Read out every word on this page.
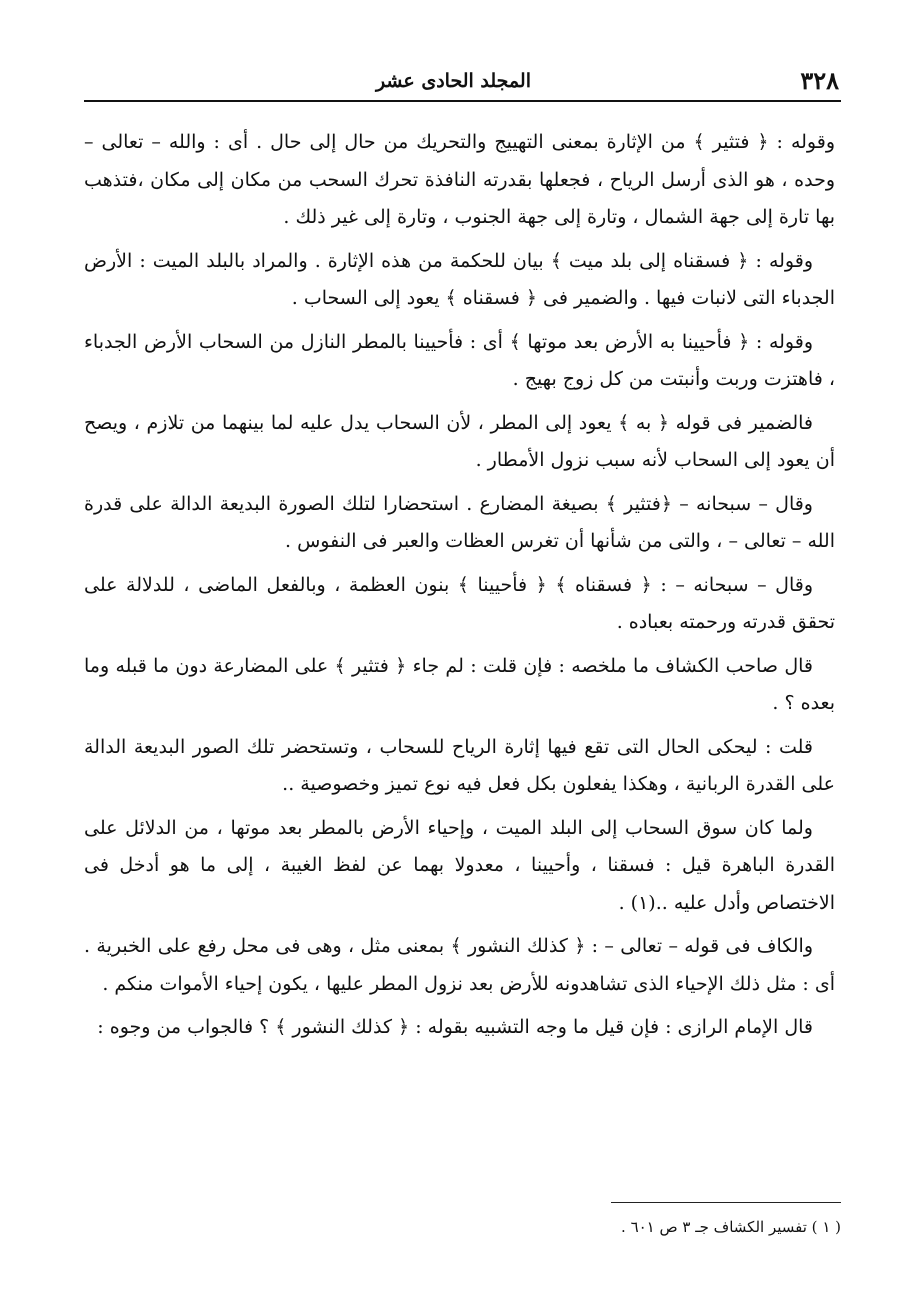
٣٢٨
المجلد الحادى عشر

وقوله : ﴿ فتثير ﴾ من الإثارة بمعنى التهييج والتحريك من حال إلى حال . أى : والله – تعالى – وحده ، هو الذى أرسل الرياح ، فجعلها بقدرته النافذة تحرك السحب من مكان إلى مكان ،فتذهب بها تارة إلى جهة الشمال ، وتارة إلى جهة الجنوب ، وتارة إلى غير ذلك .

وقوله : ﴿ فسقناه إلى بلد ميت ﴾ بيان للحكمة من هذه الإثارة . والمراد بالبلد الميت : الأرض الجدباء التى لانبات فيها . والضمير فى ﴿ فسقناه ﴾ يعود إلى السحاب .

وقوله : ﴿ فأحيينا به الأرض بعد موتها ﴾ أى : فأحيينا بالمطر النازل من السحاب الأرض الجدباء ، فاهتزت وربت وأنبتت من كل زوج بهيج .

فالضمير فى قوله ﴿ به ﴾ يعود إلى المطر ، لأن السحاب يدل عليه لما بينهما من تلازم ، ويصح أن يعود إلى السحاب لأنه سبب نزول الأمطار .

وقال – سبحانه – ﴿فتثير ﴾ بصيغة المضارع . استحضارا لتلك الصورة البديعة الدالة على قدرة الله – تعالى – ، والتى من شأنها أن تغرس العظات والعبر فى النفوس .

وقال – سبحانه – : ﴿ فسقناه ﴾ ﴿ فأحيينا ﴾ بنون العظمة ، وبالفعل الماضى ، للدلالة على تحقق قدرته ورحمته بعباده .

قال صاحب الكشاف ما ملخصه : فإن قلت : لم جاء ﴿ فتثير ﴾ على المضارعة دون ما قبله وما بعده ؟ .

قلت : ليحكى الحال التى تقع فيها إثارة الرياح للسحاب ، وتستحضر تلك الصور البديعة الدالة على القدرة الربانية ، وهكذا يفعلون بكل فعل فيه نوع تميز وخصوصية ..

ولما كان سوق السحاب إلى البلد الميت ، وإحياء الأرض بالمطر بعد موتها ، من الدلائل على القدرة الباهرة قيل : فسقنا ، وأحيينا ، معدولا بهما عن لفظ الغيبة ، إلى ما هو أدخل فى الاختصاص وأدل عليه ..(١) .

والكاف فى قوله – تعالى – : ﴿ كذلك النشور ﴾ بمعنى مثل ، وهى فى محل رفع على الخبرية . أى : مثل ذلك الإحياء الذى تشاهدونه للأرض بعد نزول المطر عليها ، يكون إحياء الأموات منكم .

قال الإمام الرازى : فإن قيل ما وجه التشبيه بقوله : ﴿ كذلك النشور ﴾ ؟ فالجواب من وجوه :

( ١ ) تفسير الكشاف جـ ٣ ص ٦٠١ .
